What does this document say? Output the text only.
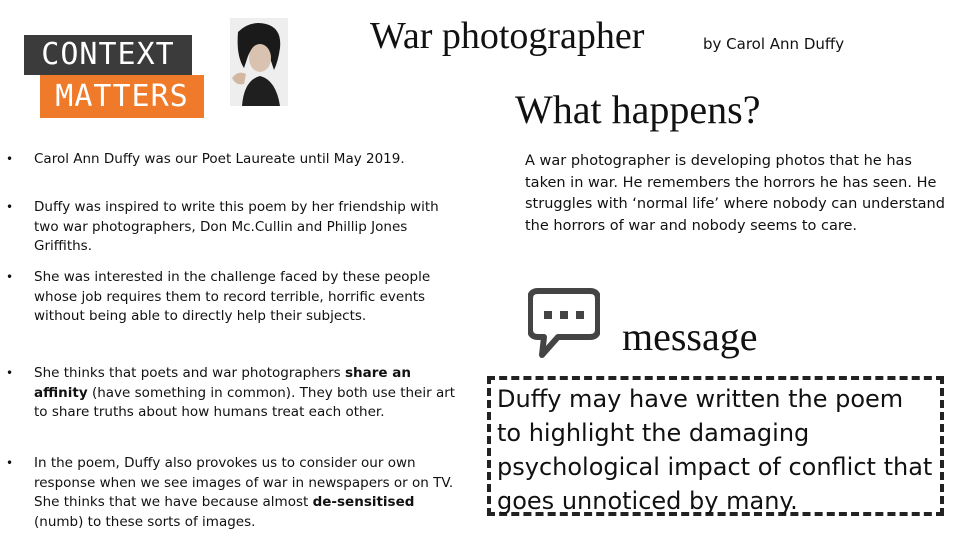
CONTEXT
MATTERS
War photographer	by Carol Ann Duffy
What happens?
• Carol Ann Duffy was our Poet Laureate until May 2019.
• Duffy was inspired to write this poem by her friendship with two war photographers, Don Mc.Cullin and Phillip Jones Griffiths.
• She was interested in the challenge faced by these people whose job requires them to record terrible, horrific events without being able to directly help their subjects.
• She thinks that poets and war photographers share an affinity (have something in common). They both use their art to share truths about how humans treat each other.
• In the poem, Duffy also provokes us to consider our own response when we see images of war in newspapers or on TV. She thinks that we have because almost de-sensitised (numb) to these sorts of images.
A war photographer is developing photos that he has taken in war. He remembers the horrors he has seen. He struggles with ‘normal life’ where nobody can understand the horrors of war and nobody seems to care.
message
Duffy may have written the poem to highlight the damaging psychological impact of conflict that goes unnoticed by many.
